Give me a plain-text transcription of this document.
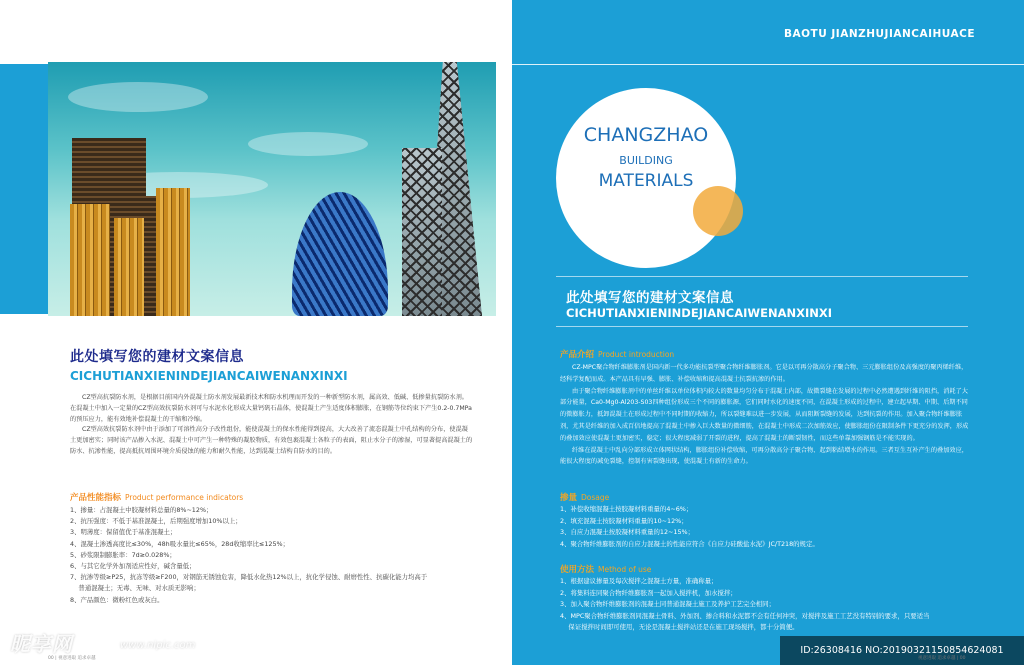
此处填写您的建材文案信息
CICHUTIANXIENINDEJIANCAIWENANXINXI
CZ型高抗裂防水剂，是根据目前国内外混凝土防水剂发展最新技术和防水机理而开发的一种新型防水剂，属高效、低碱、低掺量抗裂防水剂。在混凝土中加入一定量的CZ型高效抗裂防水剂可与水泥水化形成大量钙矾石晶体，使混凝土产生适度体积膨胀，在钢筋等位约束下产生0.2-0.7MPa的预压应力，能有效地补偿混凝土的干缩和冷缩。
CZ型高效抗裂防水剂中由于添加了可溶性高分子改性组份，能使混凝土的保水性能得到提高，大大改善了流态混凝土中孔结构的分布，使混凝土更加密实；同时该产品掺入水泥、混凝土中可产生一种特殊的凝胶物质，有效包裹混凝土各粒子的表面，阻止水分子的渗湿，可显著提高混凝土的防水、抗渗性能，提高抵抗周围环境介质侵蚀的能力和耐久性能，达到混凝土结构自防水的目的。
产品性能指标 Product performance indicators
1、掺量：占混凝土中胶凝材料总量的8%~12%；
2、抗压强度：不低于基准混凝土，后期强度增加10%以上；
3、明薄度：保留值优于基准混凝土；
4、混凝土渗透高度比≤30%，48h吸水量比≤65%，28d收缩率比≤125%；
5、砂浆限制膨胀率：7d≥0.028%；
6、与其它化学外加剂适应性好，碱含量低；
7、抗渗等级≥P25，抗冻等级≥F200，对钢筋无锈蚀危害，降低水化热12%以上，抗化学侵蚀、耐磨性性、抗碳化能力均高于
　 普通混凝土；无毒、无味、对水质无影响；
8、产品颜色：微粉红色或灰白。
00 | 视意进取 追求卓越
BAOTU JIANZHUJIANCAIHUACE
CHANGZHAO
BUILDING
MATERIALS
此处填写您的建材文案信息
CICHUTIANXIENINDEJIANCAIWENANXINXI
产品介绍 Product introduction
CZ-MPC聚合物纤维膨胀剂是国内新一代多功能抗裂型聚合物纤维膨胀剂。它是以可再分散高分子聚合物、三元膨胀组份及高强度的聚丙烯纤维，经科学复配而成。本产品具有早强、膨胀、补偿收缩和提高混凝土抗裂抗渗的作用。
由于聚合物纤维膨胀剂中的单丝纤维以单位体积内较大的数量均匀分布于混凝土内部，故微裂缝在发展的过程中必然遭遇到纤维的阻挡，消耗了大部分能量，Ca0-Mg0-Al203-S03四种组份形成三个不同的膨胀源，它们同时水化的速度不同，在混凝土形成的过程中，建立起早期、中期、后期不同的微膨胀力，抵卸混凝土在形成过程中不同时期的收缩力，所以裂缝难以进一步发展，从而阻断裂缝的发展，达到抗裂的作用。加入聚合物纤维膨胀剂，尤其是纤维的加入成百倍地提高了混凝土中掺入巨大数量的微细筋，在混凝土中形成二次加筋效应，使膨胀组份在限制条件下更充分的发挥，形成的叠加效应使混凝土更加密实，稳定；很大程度减弱了开裂的进程，提高了混凝土的断裂韧性，而这些单靠加强钢筋是不能实现的。
纤维在混凝土中乱向分部形成立体网状结构，膨胀组份补偿收缩，可再分散高分子聚合物、起到粘结增水的作用。三者互生互补产生的叠加效应，能很大程度的减免裂缝，控制有害裂缝出现，使混凝土有新的生命力。
掺量 Dosage
1、补偿收缩混凝土按胶凝材料重量的4~6%；
2、填充混凝土按胶凝材料重量的10~12%；
3、自应力混凝土按胶凝材料重量的12~15%；
4、聚合物纤维膨胀剂的自应力混凝土的性能应符合《自应力硅酸盐水泥》JC/T218的规定。
使用方法 Method of use
1、根据建议掺量及每次搅拌之混凝土方量，准确称量；
2、将集料连同聚合物纤维膨胀剂一起加入搅拌机，加水搅拌；
3、加入聚合物纤维膨胀剂的混凝土同普通混凝土施工及养护工艺完全相同；
4、MPC聚合物纤维膨胀剂同混凝土骨料、外加剂、掺合料和水泥都不会有任何冲突，对搅拌及施工工艺没有特别的要求，只要适当
　 保证搅拌时间即可使用，无论是混凝土搅拌站还是在施工现场搅拌，都十分简便。
昵享网	www.nipic.com	ID:26308416 NO:20190321150854624081
